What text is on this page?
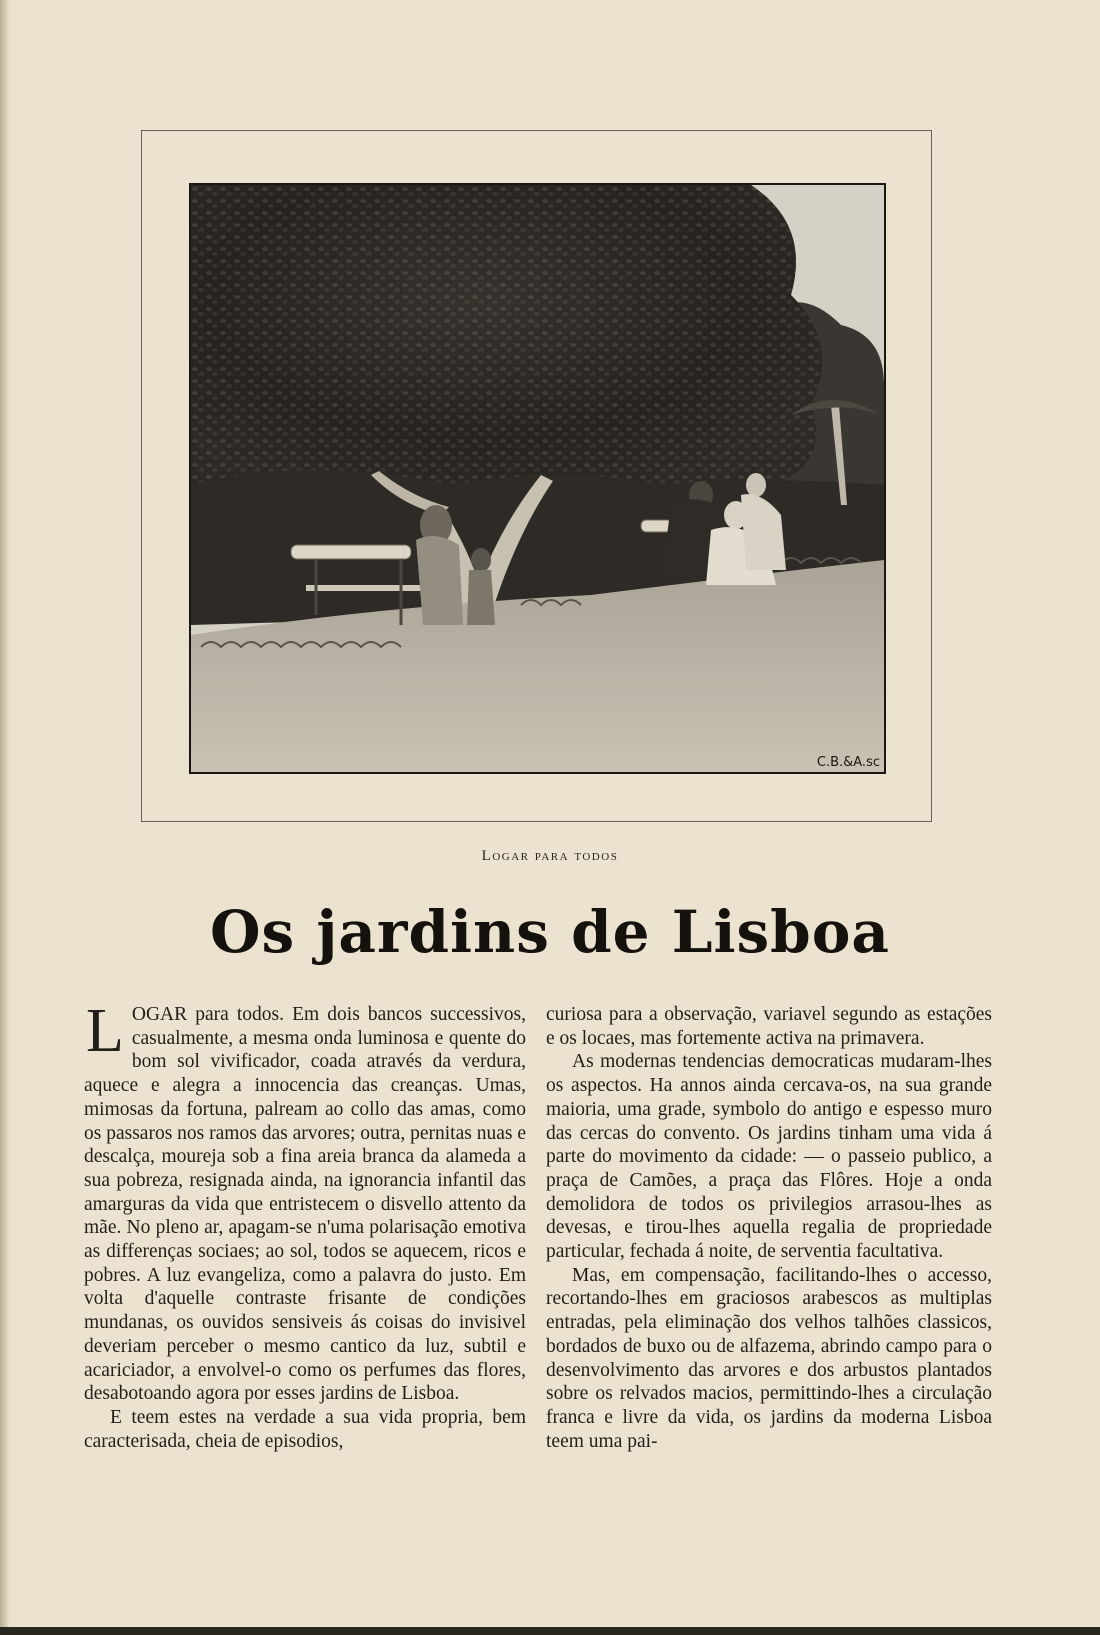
C.B.&A.sc
Logar para todos
Os jardins de Lisboa

LOGAR para todos. Em dois bancos successivos, casualmente, a mesma onda luminosa e quente do bom sol vivificador, coada através da verdura, aquece e alegra a innocencia das creanças. Umas, mimosas da fortuna, palream ao collo das amas, como os passaros nos ramos das arvores; outra, pernitas nuas e descalça, moureja sob a fina areia branca da alameda a sua pobreza, resignada ainda, na ignorancia infantil das amarguras da vida que entristecem o disvello attento da mãe. No pleno ar, apagam-se n'uma polarisação emotiva as differenças sociaes; ao sol, todos se aquecem, ricos e pobres. A luz evangeliza, como a palavra do justo. Em volta d'aquelle contraste frisante de condições mundanas, os ouvidos sensiveis ás coisas do invisivel deveriam perceber o mesmo cantico da luz, subtil e acariciador, a envolvel-o como os perfumes das flores, desabotoando agora por esses jardins de Lisboa.

E teem estes na verdade a sua vida propria, bem caracterisada, cheia de episodios,

curiosa para a observação, variavel segundo as estações e os locaes, mas fortemente activa na primavera.

As modernas tendencias democraticas mudaram-lhes os aspectos. Ha annos ainda cercava-os, na sua grande maioria, uma grade, symbolo do antigo e espesso muro das cercas do convento. Os jardins tinham uma vida á parte do movimento da cidade: — o passeio publico, a praça de Camões, a praça das Flôres. Hoje a onda demolidora de todos os privilegios arrasou-lhes as devesas, e tirou-lhes aquella regalia de propriedade particular, fechada á noite, de serventia facultativa.

Mas, em compensação, facilitando-lhes o accesso, recortando-lhes em graciosos arabescos as multiplas entradas, pela eliminação dos velhos talhões classicos, bordados de buxo ou de alfazema, abrindo campo para o desenvolvimento das arvores e dos arbustos plantados sobre os relvados macios, permittindo-lhes a circulação franca e livre da vida, os jardins da moderna Lisboa teem uma pai-
